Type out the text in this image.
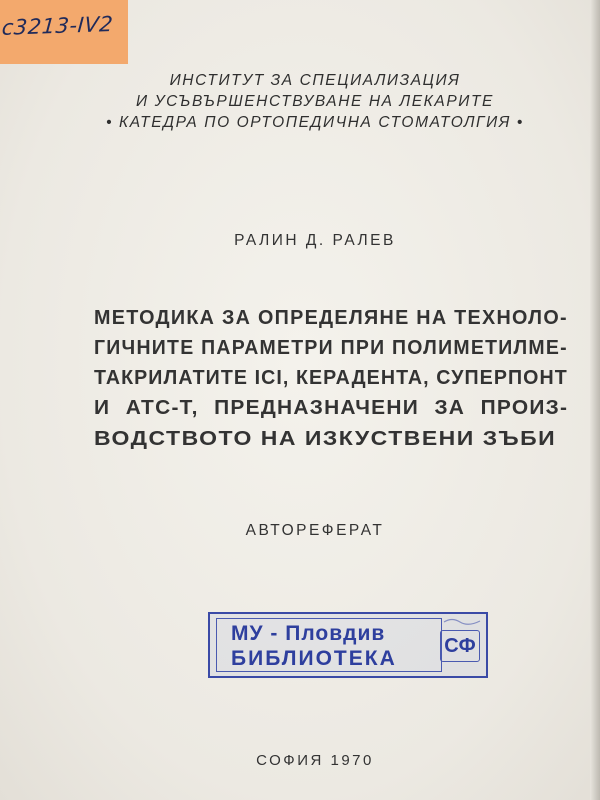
c3213-IV2
ИНСТИТУТ ЗА СПЕЦИАЛИЗАЦИЯ
И УСЪВЪРШЕНСТВУВАНЕ НА ЛЕКАРИТЕ
• КАТЕДРА ПО ОРТОПЕДИЧНА СТОМАТОЛГИЯ •
РАЛИН Д. РАЛЕВ
МЕТОДИКА ЗА ОПРЕДЕЛЯНЕ НА ТЕХНОЛО-
ГИЧНИТЕ ПАРАМЕТРИ ПРИ ПОЛИМЕТИЛМЕ-
ТАКРИЛАТИТЕ ICI, КЕРАДЕНТА, СУПЕРПОНТ
И АТС-Т, ПРЕДНАЗНАЧЕНИ ЗА ПРОИЗ-
ВОДСТВОТО НА ИЗКУСТВЕНИ ЗЪБИ
АВТОРЕФЕРАТ
МУ - Пловдив
БИБЛИОТЕКА
СФ
СОФИЯ 1970
